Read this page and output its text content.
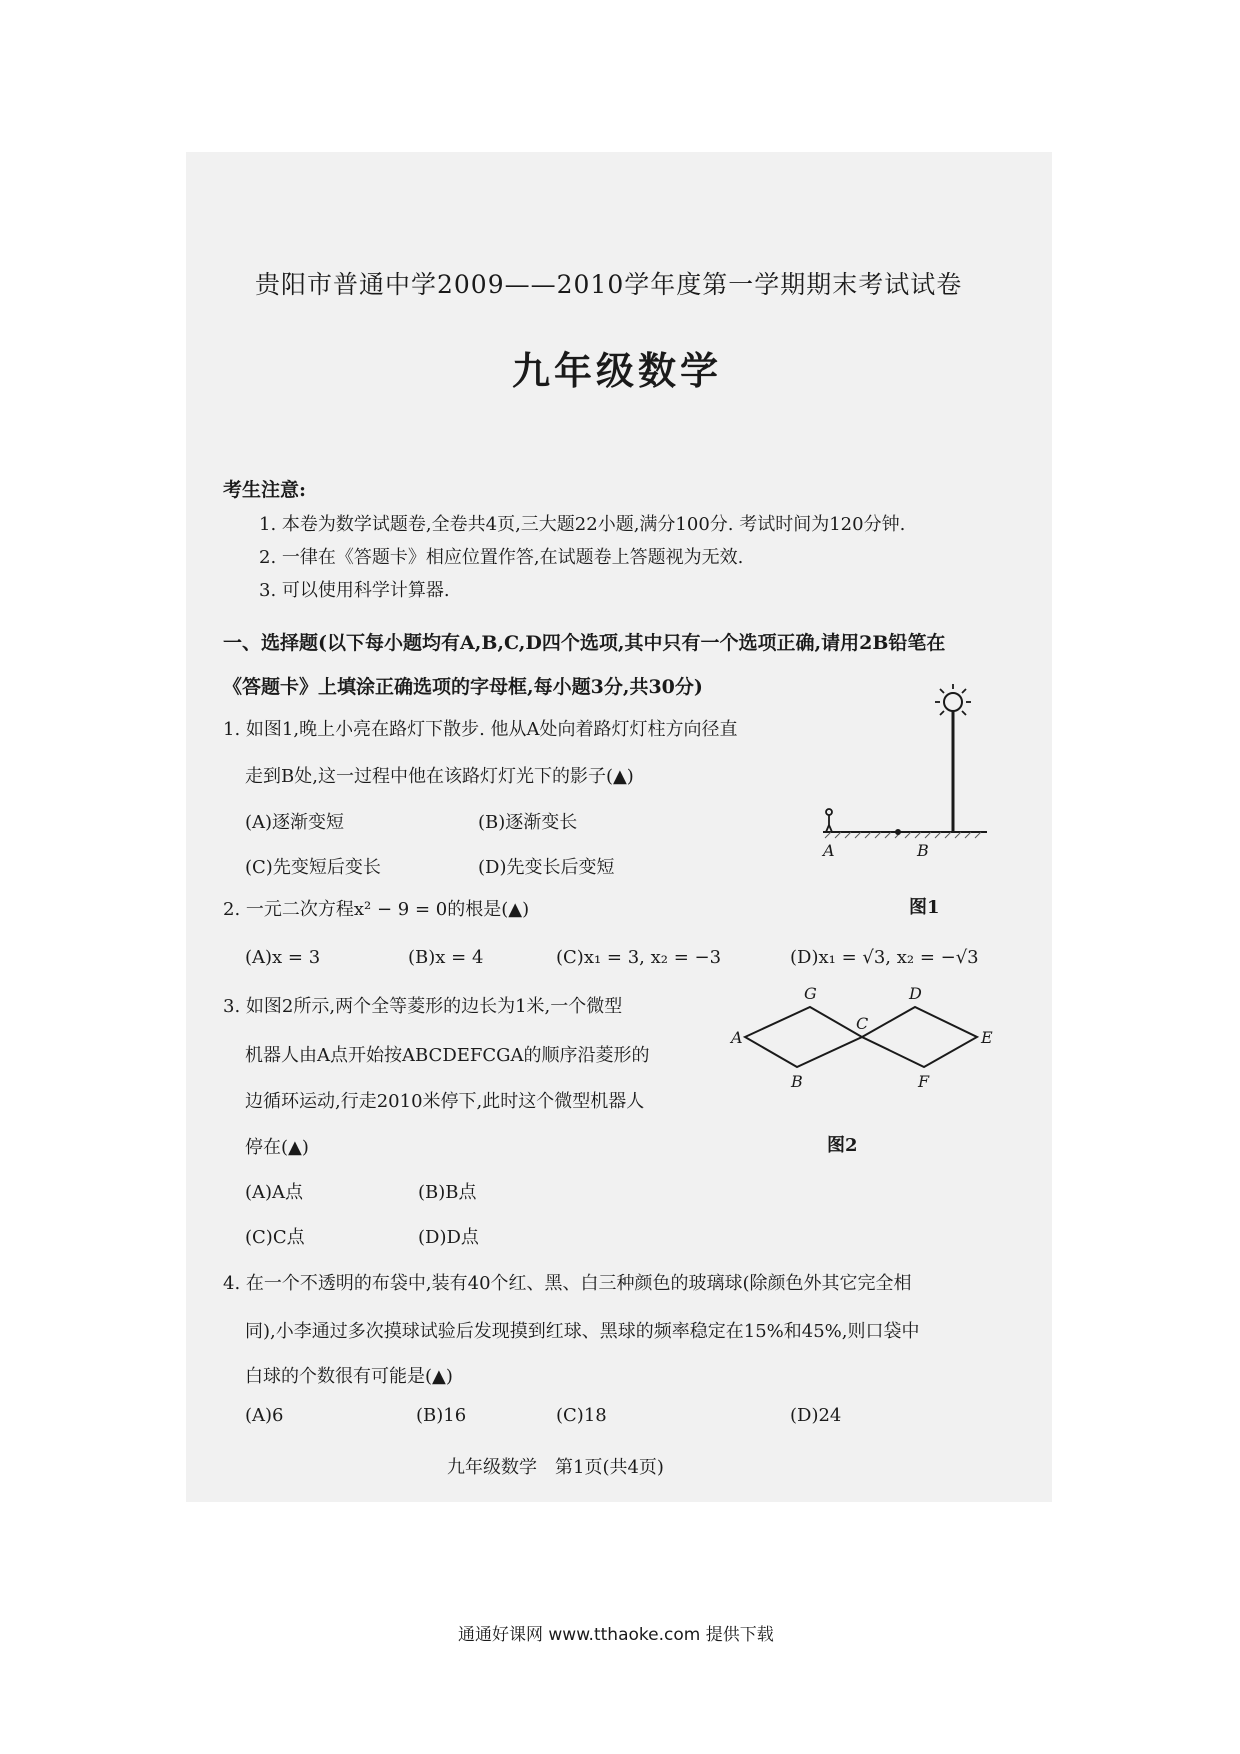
贵阳市普通中学2009——2010学年度第一学期期末考试试卷
九年级数学
考生注意:
1. 本卷为数学试题卷,全卷共4页,三大题22小题,满分100分. 考试时间为120分钟.
2. 一律在《答题卡》相应位置作答,在试题卷上答题视为无效.
3. 可以使用科学计算器.
一、选择题(以下每小题均有A,B,C,D四个选项,其中只有一个选项正确,请用2B铅笔在
《答题卡》上填涂正确选项的字母框,每小题3分,共30分)
1. 如图1,晚上小亮在路灯下散步. 他从A处向着路灯灯柱方向径直
走到B处,这一过程中他在该路灯灯光下的影子(▲)
(A)逐渐变短	(B)逐渐变长
(C)先变短后变长	(D)先变长后变短
A	B
图1
2. 一元二次方程x² − 9 = 0的根是(▲)
(A)x = 3	(B)x = 4	(C)x₁ = 3, x₂ = −3	(D)x₁ = √3, x₂ = −√3
3. 如图2所示,两个全等菱形的边长为1米,一个微型
机器人由A点开始按ABCDEFCGA的顺序沿菱形的
边循环运动,行走2010米停下,此时这个微型机器人
停在(▲)
(A)A点	(B)B点
(C)C点	(D)D点
A
B
C
D
E
F
G
图2
4. 在一个不透明的布袋中,装有40个红、黑、白三种颜色的玻璃球(除颜色外其它完全相
同),小李通过多次摸球试验后发现摸到红球、黑球的频率稳定在15%和45%,则口袋中
白球的个数很有可能是(▲)
(A)6	(B)16	(C)18	(D)24
九年级数学　第1页(共4页)
通通好课网 www.tthaoke.com 提供下载
